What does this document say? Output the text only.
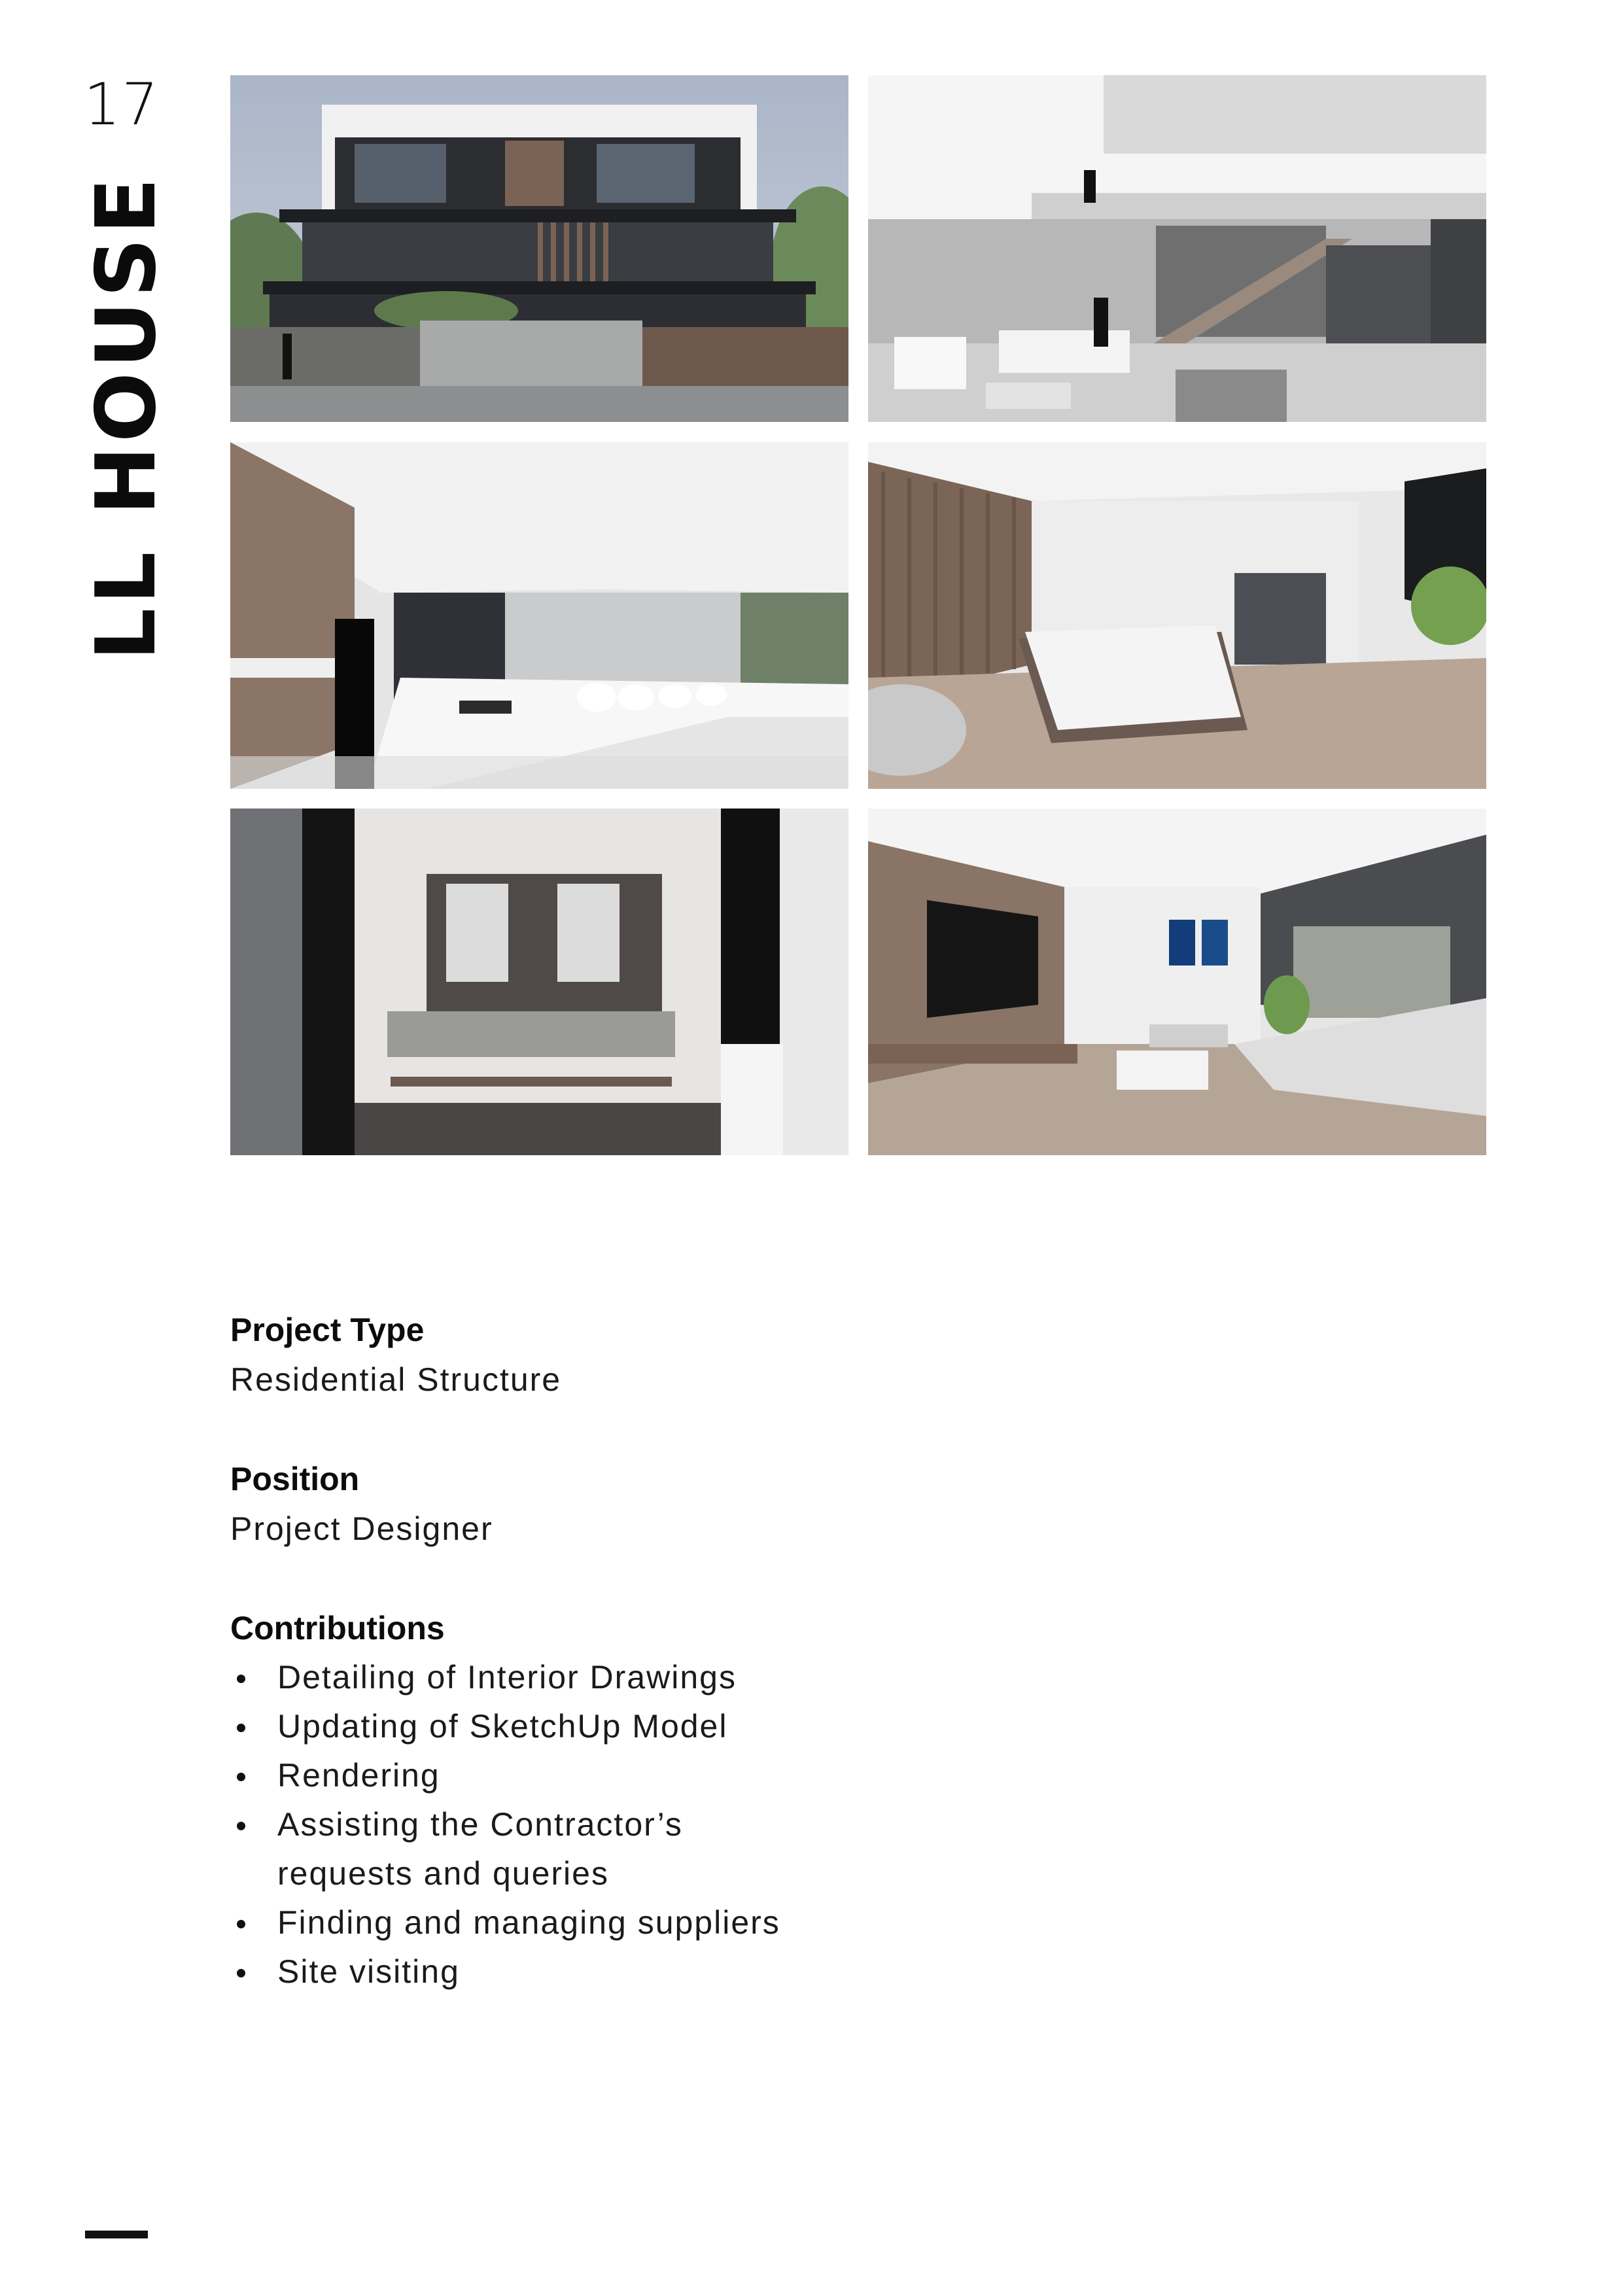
17
LL HOUSE

Project Type

Residential Structure

Position

Project Designer

Contributions

Detailing of Interior Drawings
Updating of SketchUp Model
Rendering
Assisting the Contractor’s requests and queries
Finding and managing suppliers
Site visiting
